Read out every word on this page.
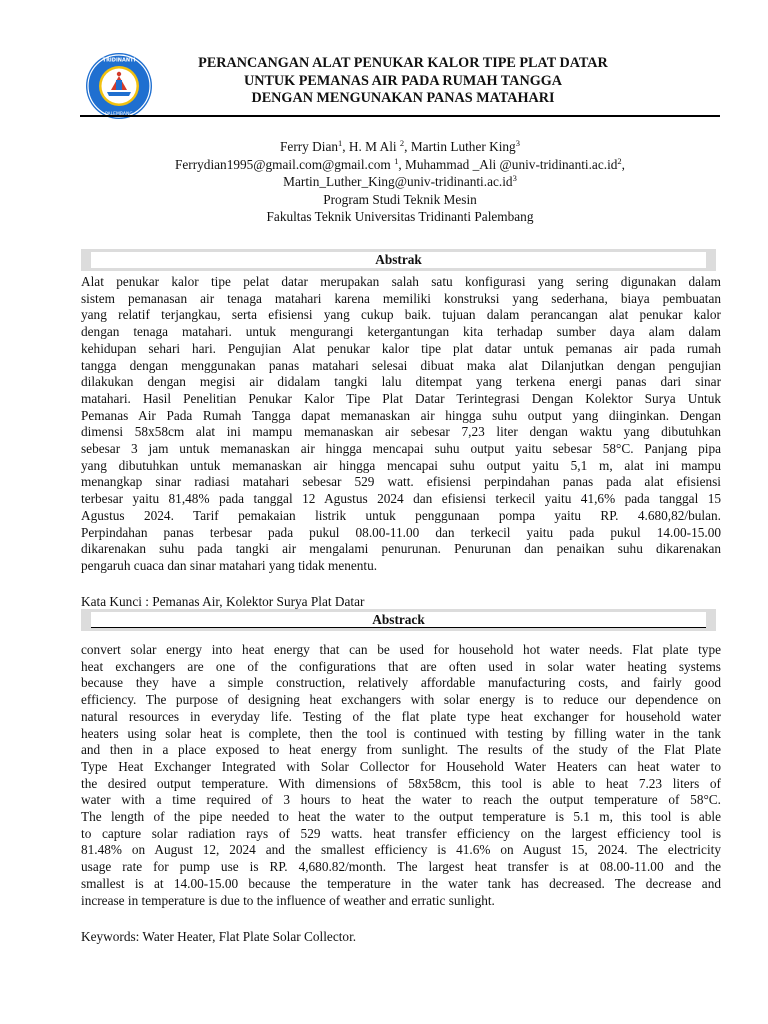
TRIDINANTI
PALEMBANG
PERANCANGAN ALAT PENUKAR KALOR TIPE PLAT DATAR
UNTUK PEMANAS AIR PADA RUMAH TANGGA
DENGAN MENGUNAKAN PANAS MATAHARI
Ferry Dian$^1$, H. M Ali $^2$, Martin Luther King$^3$
Ferrydian1995@gmail.com@gmail.com $^1$, Muhammad _Ali $@univ-tridinanti.ac.id^2$,
$Martin\_Luther\_King@univ-tridinanti.ac.id^3$
Program Studi Teknik Mesin
Fakultas Teknik Universitas Tridinanti Palembang
Abstrak
Alat penukar kalor tipe pelat datar merupakan salah satu konfigurasi yang sering digunakan dalam
sistem pemanasan air tenaga matahari karena memiliki konstruksi yang sederhana, biaya pembuatan
yang relatif terjangkau, serta efisiensi yang cukup baik. tujuan dalam perancangan alat penukar kalor
dengan tenaga matahari. untuk mengurangi ketergantungan kita terhadap sumber daya alam dalam
kehidupan sehari hari. Pengujian Alat penukar kalor tipe plat datar untuk pemanas air pada rumah
tangga dengan menggunakan panas matahari selesai dibuat maka alat Dilanjutkan dengan pengujian
dilakukan dengan megisi air didalam tangki lalu ditempat yang terkena energi panas dari sinar
matahari. Hasil Penelitian Penukar Kalor Tipe Plat Datar Terintegrasi Dengan Kolektor Surya Untuk
Pemanas Air Pada Rumah Tangga dapat memanaskan air hingga suhu output yang diinginkan. Dengan
dimensi 58x58cm alat ini mampu memanaskan air sebesar 7,23 liter dengan waktu yang dibutuhkan
sebesar 3 jam untuk memanaskan air hingga mencapai suhu output yaitu sebesar 58°C. Panjang pipa
yang dibutuhkan untuk memanaskan air hingga mencapai suhu output yaitu 5,1 m, alat ini mampu
menangkap sinar radiasi matahari sebesar 529 watt. efisiensi perpindahan panas pada alat efisiensi
terbesar yaitu 81,48% pada tanggal 12 Agustus 2024 dan efisiensi terkecil yaitu 41,6% pada tanggal 15
Agustus 2024. Tarif pemakaian listrik untuk penggunaan pompa yaitu RP. 4.680,82/bulan.
Perpindahan panas terbesar pada pukul 08.00-11.00 dan terkecil yaitu pada pukul 14.00-15.00
dikarenakan suhu pada tangki air mengalami penurunan. Penurunan dan penaikan suhu dikarenakan
pengaruh cuaca dan sinar matahari yang tidak menentu.
Kata Kunci : Pemanas Air, Kolektor Surya Plat Datar
Abstrack
convert solar energy into heat energy that can be used for household hot water needs. Flat plate type
heat exchangers are one of the configurations that are often used in solar water heating systems
because they have a simple construction, relatively affordable manufacturing costs, and fairly good
efficiency. The purpose of designing heat exchangers with solar energy is to reduce our dependence on
natural resources in everyday life. Testing of the flat plate type heat exchanger for household water
heaters using solar heat is complete, then the tool is continued with testing by filling water in the tank
and then in a place exposed to heat energy from sunlight. The results of the study of the Flat Plate
Type Heat Exchanger Integrated with Solar Collector for Household Water Heaters can heat water to
the desired output temperature. With dimensions of 58x58cm, this tool is able to heat 7.23 liters of
water with a time required of 3 hours to heat the water to reach the output temperature of 58°C.
The length of the pipe needed to heat the water to the output temperature is 5.1 m, this tool is able
to capture solar radiation rays of 529 watts. heat transfer efficiency on the largest efficiency tool is
81.48% on August 12, 2024 and the smallest efficiency is 41.6% on August 15, 2024. The electricity
usage rate for pump use is RP. 4,680.82/month. The largest heat transfer is at 08.00-11.00 and the
smallest is at 14.00-15.00 because the temperature in the water tank has decreased. The decrease and
increase in temperature is due to the influence of weather and erratic sunlight.
Keywords: Water Heater, Flat Plate Solar Collector.
